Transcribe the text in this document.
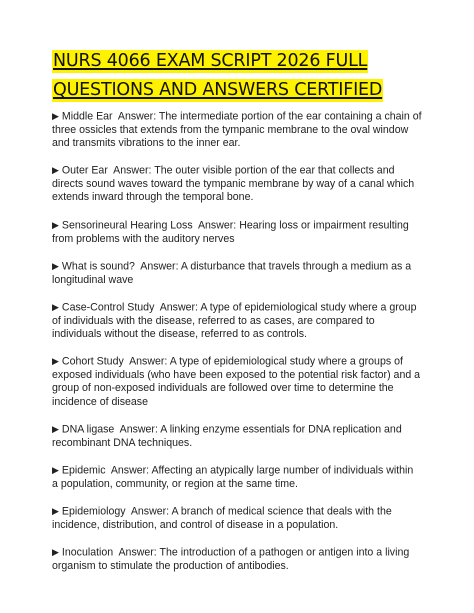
NURS 4066 EXAM SCRIPT 2026 FULL
QUESTIONS AND ANSWERS CERTIFIED
▶ Middle Ear Answer: The intermediate portion of the ear containing a chain of three ossicles that extends from the tympanic membrane to the oval window and transmits vibrations to the inner ear.
▶ Outer Ear Answer: The outer visible portion of the ear that collects and directs sound waves toward the tympanic membrane by way of a canal which extends inward through the temporal bone.
▶ Sensorineural Hearing Loss Answer: Hearing loss or impairment resulting from problems with the auditory nerves
▶ What is sound? Answer: A disturbance that travels through a medium as a longitudinal wave
▶ Case-Control Study Answer: A type of epidemiological study where a group of individuals with the disease, referred to as cases, are compared to individuals without the disease, referred to as controls.
▶ Cohort Study Answer: A type of epidemiological study where a groups of exposed individuals (who have been exposed to the potential risk factor) and a group of non-exposed individuals are followed over time to determine the incidence of disease
▶ DNA ligase Answer: A linking enzyme essentials for DNA replication and recombinant DNA techniques.
▶ Epidemic Answer: Affecting an atypically large number of individuals within a population, community, or region at the same time.
▶ Epidemiology Answer: A branch of medical science that deals with the incidence, distribution, and control of disease in a population.
▶ Inoculation Answer: The introduction of a pathogen or antigen into a living organism to stimulate the production of antibodies.
